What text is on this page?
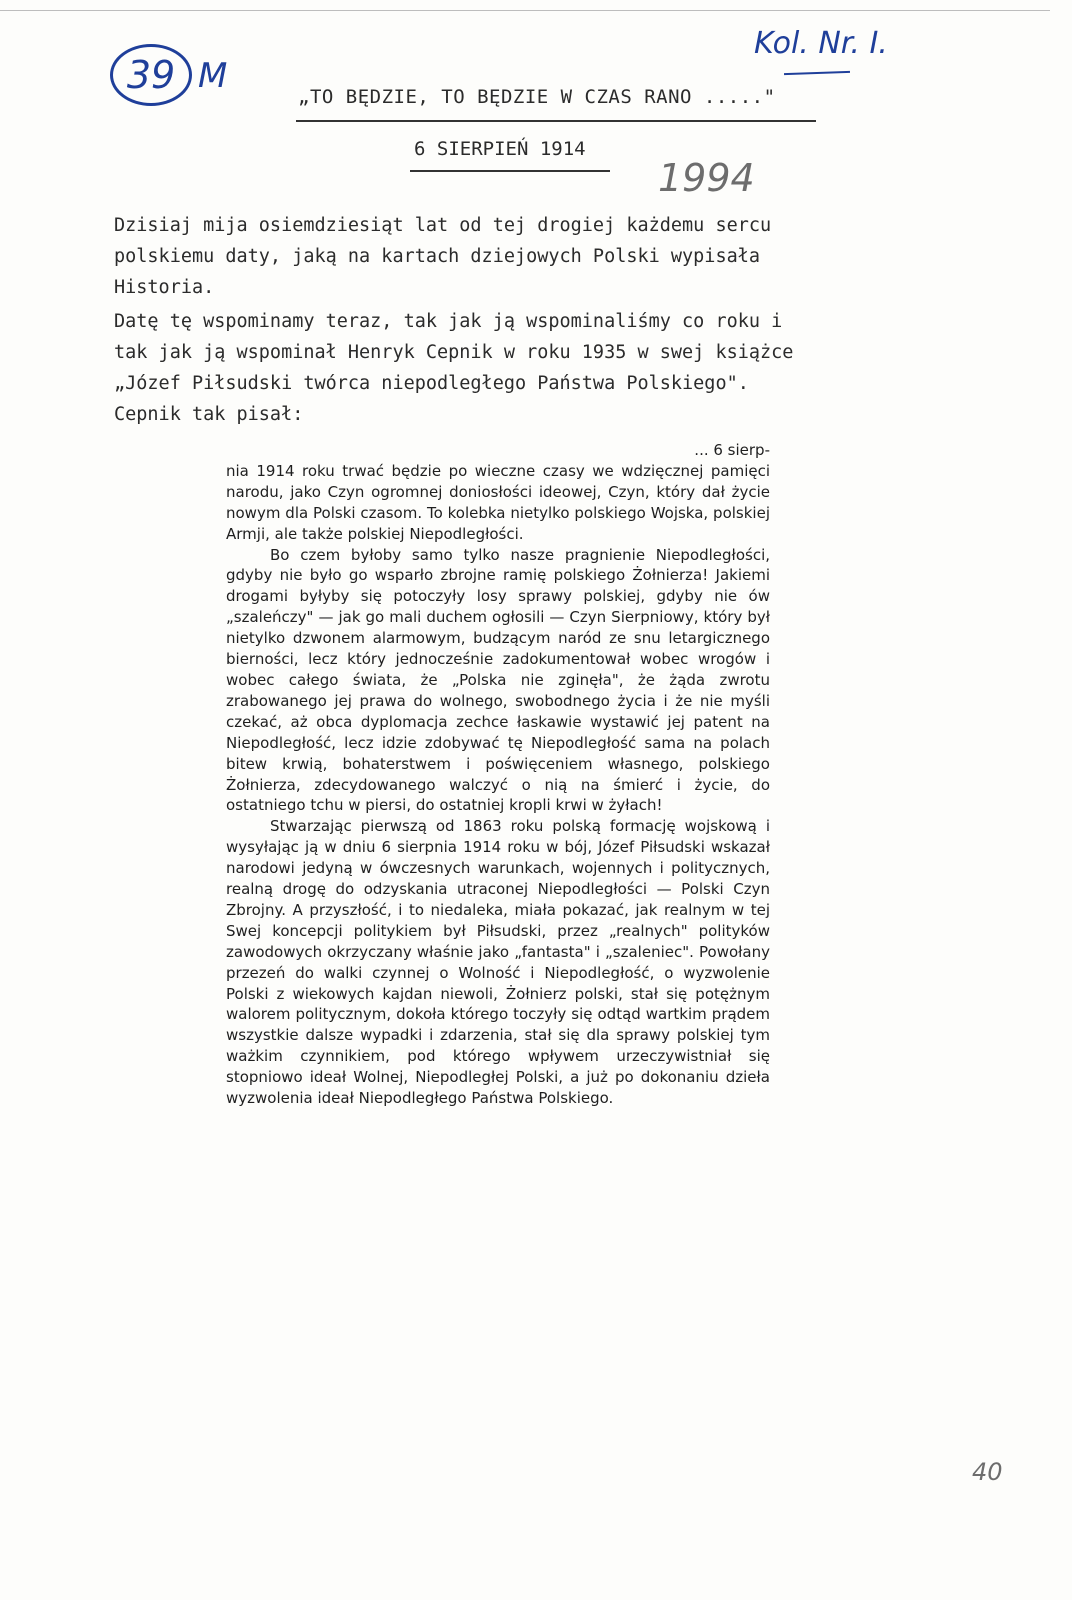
39 M
Kol. Nr. I.
1994
„TO BĘDZIE, TO BĘDZIE W CZAS RANO ....."
6 SIERPIEŃ 1914

Dzisiaj mija osiemdziesiąt lat od tej drogiej każdemu sercu

polskiemu daty, jaką na kartach dziejowych Polski wypisała

Historia.

Datę tę wspominamy teraz, tak jak ją wspominaliśmy co roku i

tak jak ją wspominał Henryk Cepnik w roku 1935 w swej książce

„Józef Piłsudski twórca niepodległego Państwa Polskiego".

Cepnik tak pisał:

... 6 sierp-

nia 1914 roku trwać będzie po wieczne czasy we wdzięcznej pamięci narodu, jako Czyn ogromnej doniosłości ideowej, Czyn, który dał życie nowym dla Polski czasom. To kolebka nietylko polskiego Wojska, polskiej Armji, ale także polskiej Niepodległości.

Bo czem byłoby samo tylko nasze pragnienie Niepodległości, gdyby nie było go wsparło zbrojne ramię polskiego Żołnierza! Jakiemi drogami byłyby się potoczyły losy sprawy polskiej, gdyby nie ów „szaleńczy" — jak go mali duchem ogłosili — Czyn Sierpniowy, który był nietylko dzwonem alarmowym, budzącym naród ze snu letargicznego bierności, lecz który jednocześnie zadokumentował wobec wrogów i wobec całego świata, że „Polska nie zginęła", że żąda zwrotu zrabowanego jej prawa do wolnego, swobodnego życia i że nie myśli czekać, aż obca dyplomacja zechce łaskawie wystawić jej patent na Niepodległość, lecz idzie zdobywać tę Niepodległość sama na polach bitew krwią, bohaterstwem i poświęceniem własnego, polskiego Żołnierza, zdecydowanego walczyć o nią na śmierć i życie, do ostatniego tchu w piersi, do ostatniej kropli krwi w żyłach!

Stwarzając pierwszą od 1863 roku polską formację wojskową i wysyłając ją w dniu 6 sierpnia 1914 roku w bój, Józef Piłsudski wskazał narodowi jedyną w ówczesnych warunkach, wojennych i politycznych, realną drogę do odzyskania utraconej Niepodległości — Polski Czyn Zbrojny. A przyszłość, i to niedaleka, miała pokazać, jak realnym w tej Swej koncepcji politykiem był Piłsudski, przez „realnych" polityków zawodowych okrzyczany właśnie jako „fantasta" i „szaleniec". Powołany przezeń do walki czynnej o Wolność i Niepodległość, o wyzwolenie Polski z wiekowych kajdan niewoli, Żołnierz polski, stał się potężnym walorem politycznym, dokoła którego toczyły się odtąd wartkim prądem wszystkie dalsze wypadki i zdarzenia, stał się dla sprawy polskiej tym ważkim czynnikiem, pod którego wpływem urzeczywistniał się stopniowo ideał Wolnej, Niepodległej Polski, a już po dokonaniu dzieła wyzwolenia ideał Niepodległego Państwa Polskiego.

40
